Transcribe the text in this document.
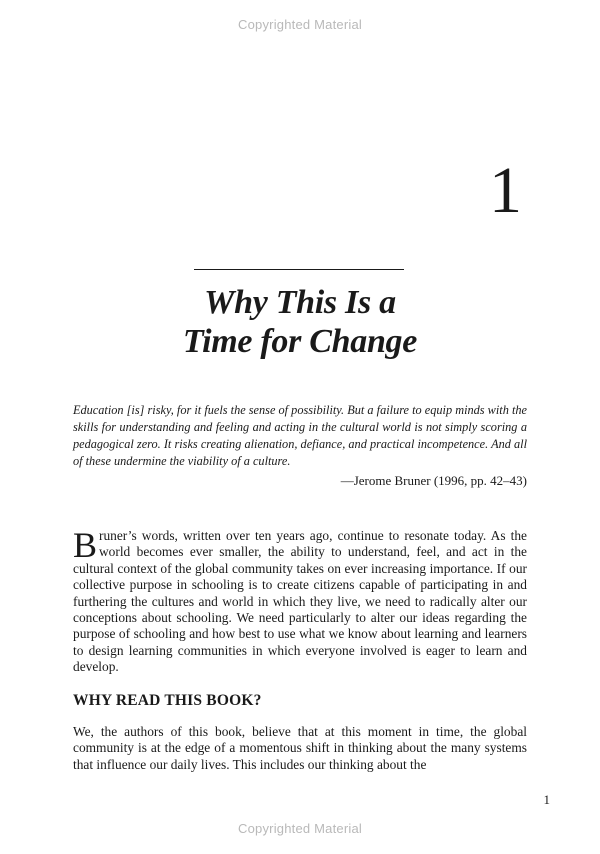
Copyrighted Material
1
Why This Is a
Time for Change

Education [is] risky, for it fuels the sense of possibility. But a failure to equip minds with the skills for understanding and feeling and acting in the cultural world is not simply scoring a pedagogical zero. It risks creating alienation, defiance, and practical incompetence. And all of these undermine the viability of a culture.

—Jerome Bruner (1996, pp. 42–43)

Bruner’s words, written over ten years ago, continue to resonate today. As the world becomes ever smaller, the ability to understand, feel, and act in the cultural context of the global community takes on ever increasing importance. If our collective purpose in schooling is to create citizens capable of participating in and furthering the cultures and world in which they live, we need to radically alter our conceptions about schooling. We need particularly to alter our ideas regarding the purpose of schooling and how best to use what we know about learning and learners to design learning communities in which everyone involved is eager to learn and develop.

WHY READ THIS BOOK?

We, the authors of this book, believe that at this moment in time, the global community is at the edge of a momentous shift in thinking about the many systems that influence our daily lives. This includes our thinking about the

1
Copyrighted Material
